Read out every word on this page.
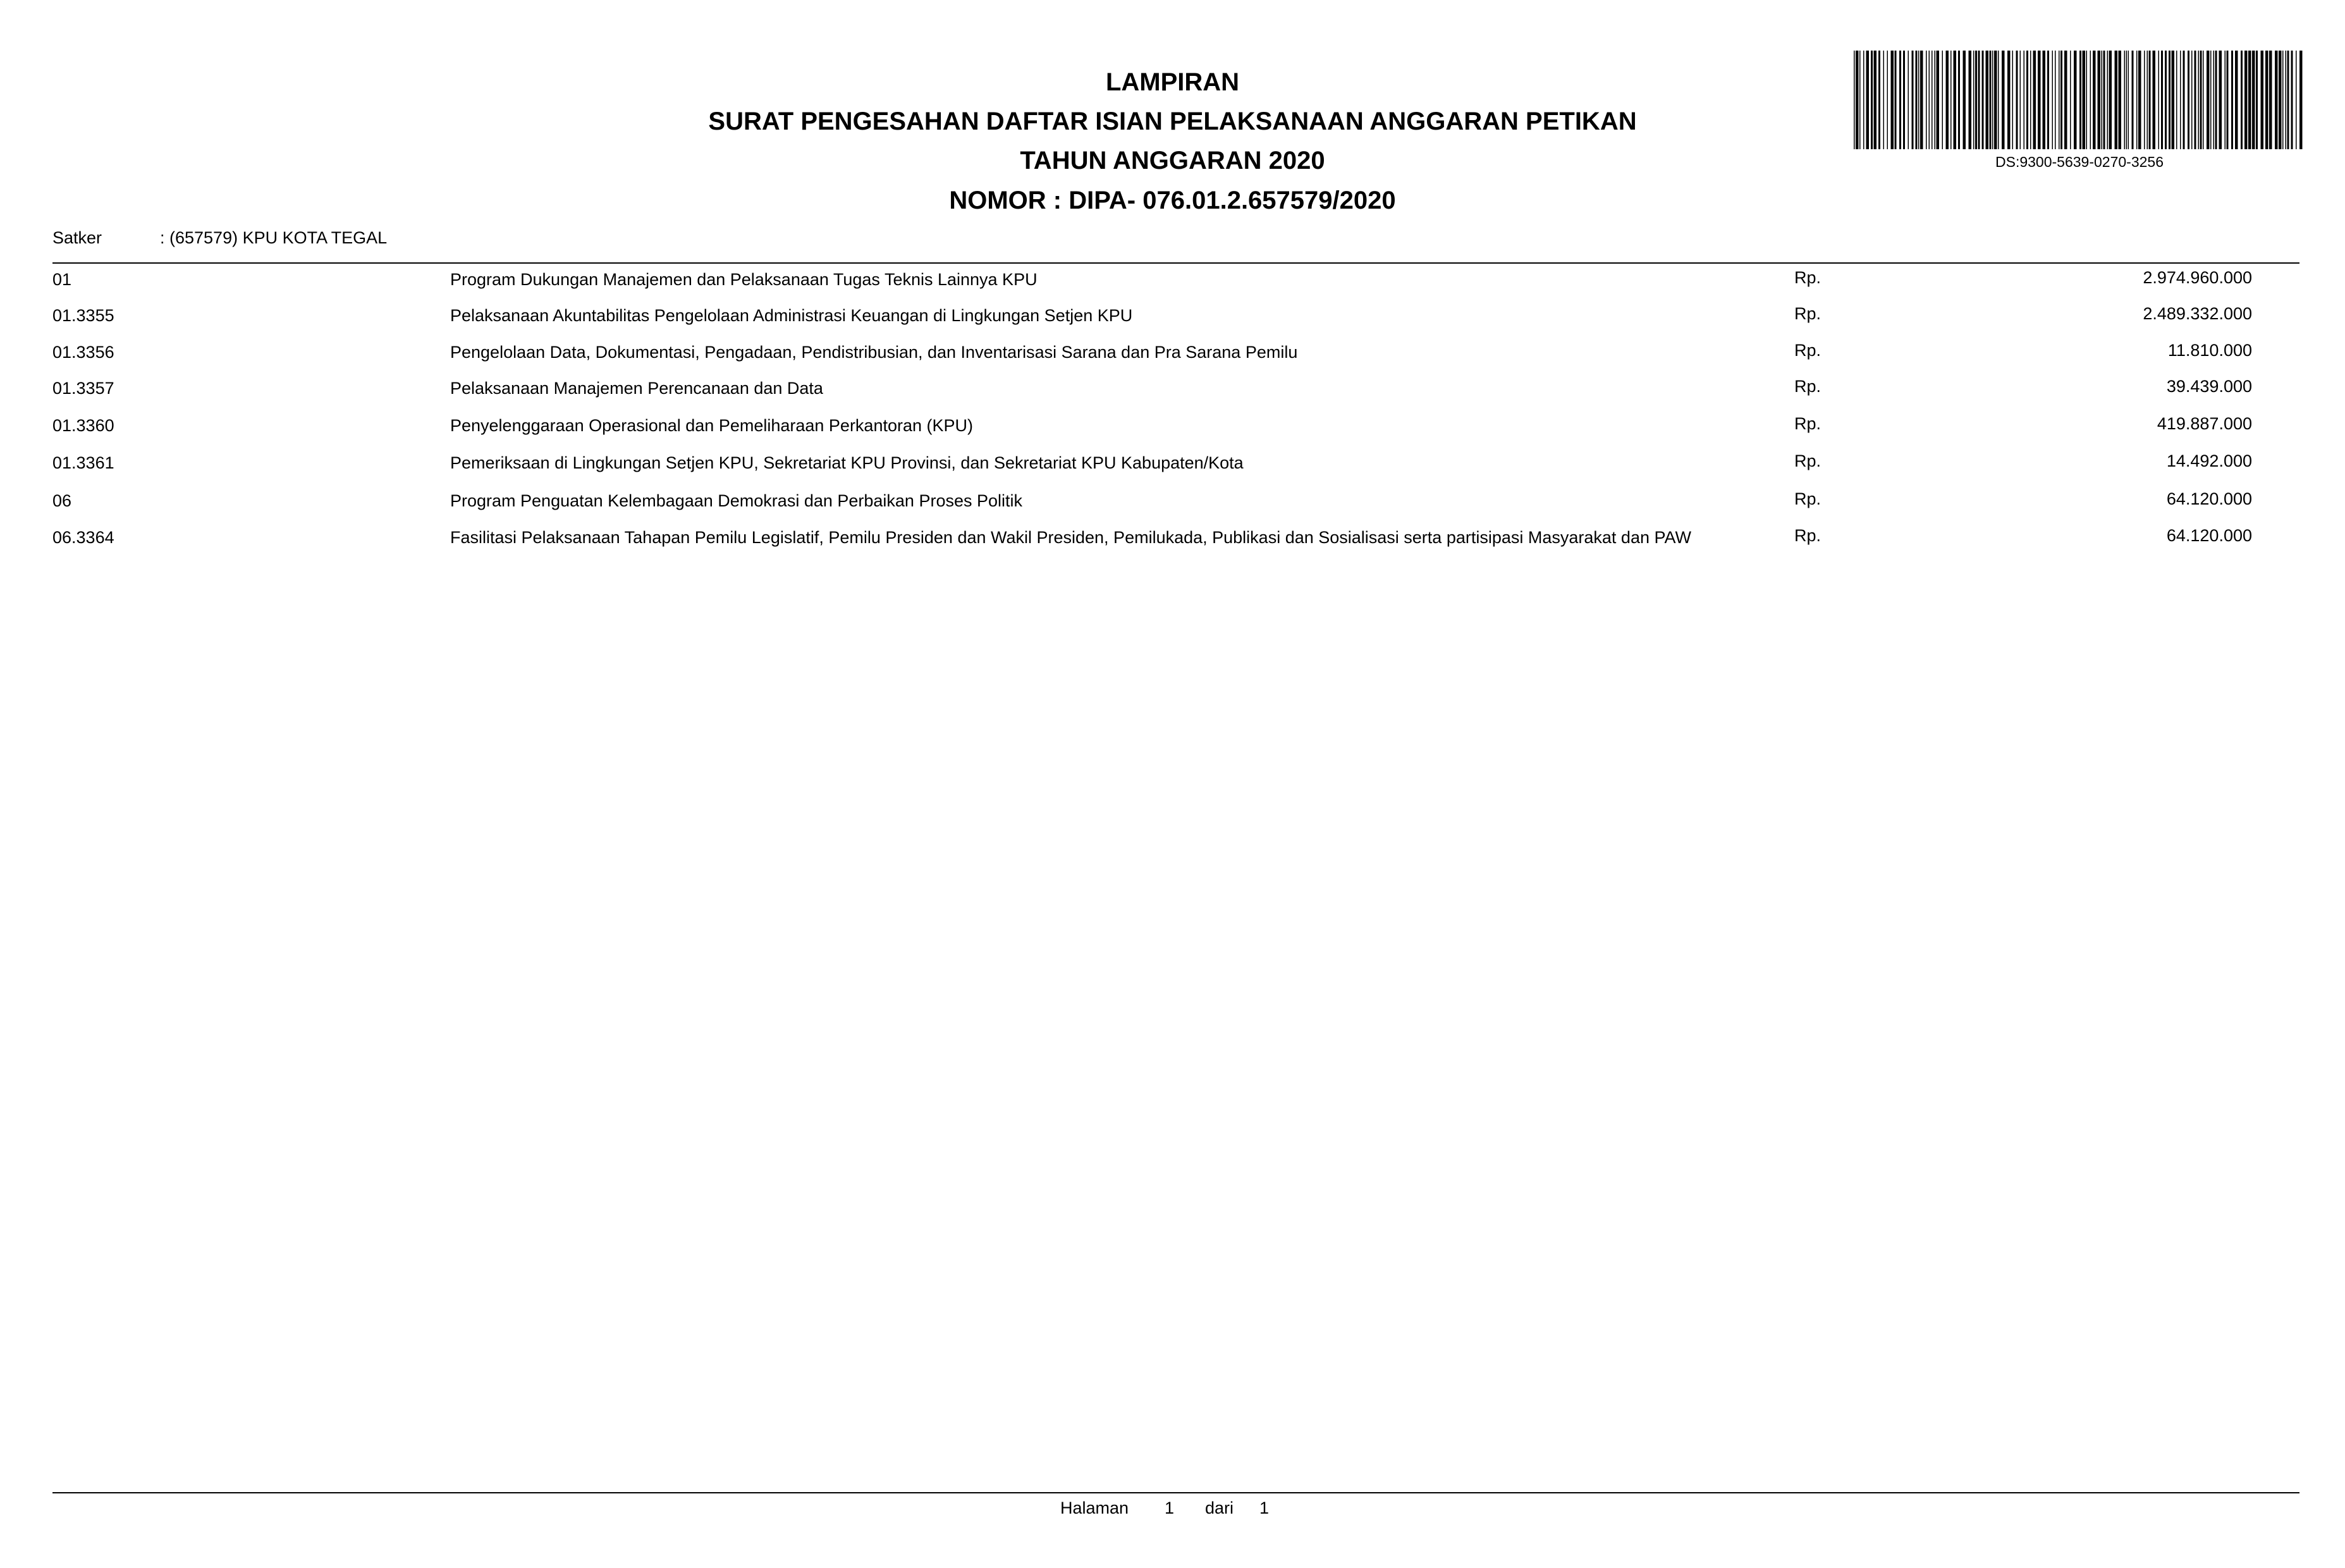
LAMPIRAN
SURAT PENGESAHAN DAFTAR ISIAN PELAKSANAAN ANGGARAN PETIKAN
TAHUN ANGGARAN 2020
NOMOR : DIPA- 076.01.2.657579/2020
DS:9300-5639-0270-3256
Satker	: (657579) KPU KOTA TEGAL
01	Program Dukungan Manajemen dan Pelaksanaan Tugas Teknis Lainnya KPU	Rp.	2.974.960.000
01.3355	Pelaksanaan Akuntabilitas Pengelolaan Administrasi Keuangan di Lingkungan Setjen KPU	Rp.	2.489.332.000
01.3356	Pengelolaan Data, Dokumentasi, Pengadaan, Pendistribusian, dan Inventarisasi Sarana dan Pra Sarana Pemilu	Rp.	11.810.000
01.3357	Pelaksanaan Manajemen Perencanaan dan Data	Rp.	39.439.000
01.3360	Penyelenggaraan Operasional dan Pemeliharaan Perkantoran (KPU)	Rp.	419.887.000
01.3361	Pemeriksaan di Lingkungan Setjen KPU, Sekretariat KPU Provinsi, dan Sekretariat KPU Kabupaten/Kota	Rp.	14.492.000
06	Program Penguatan Kelembagaan Demokrasi dan Perbaikan Proses Politik	Rp.	64.120.000
06.3364	Fasilitasi Pelaksanaan Tahapan Pemilu Legislatif, Pemilu Presiden dan Wakil Presiden, Pemilukada, Publikasi dan Sosialisasi serta partisipasi Masyarakat dan PAW	Rp.	64.120.000
Halaman 1 dari 1
